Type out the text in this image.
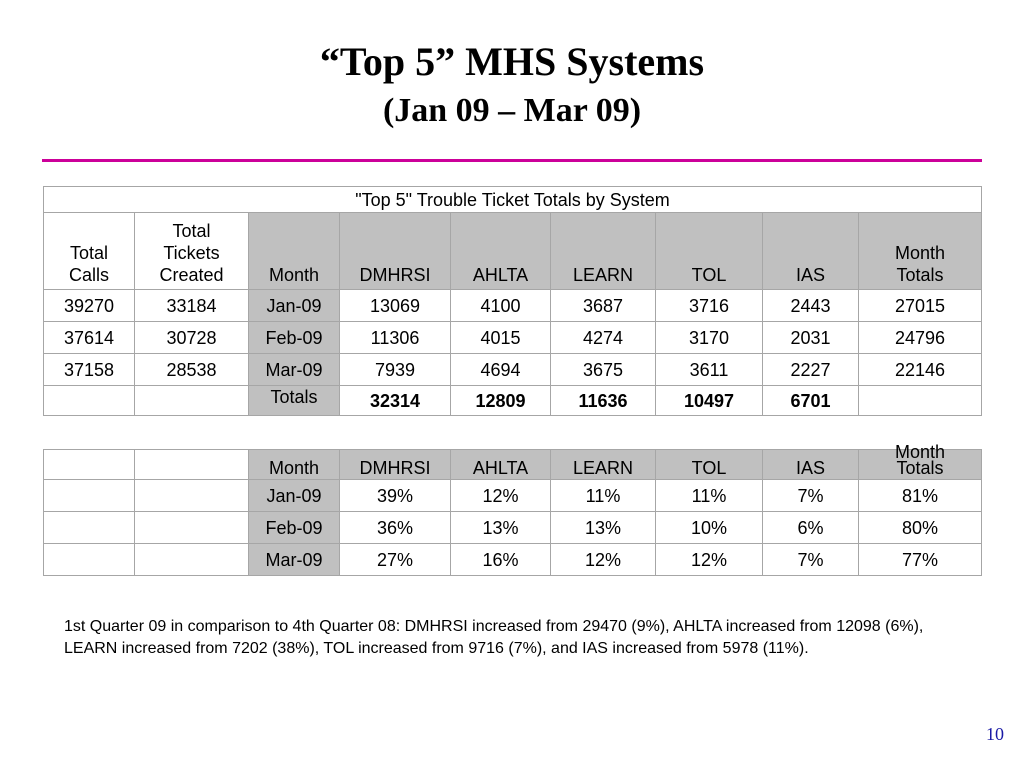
“Top 5” MHS Systems
(Jan 09 – Mar 09)
"Top 5" Trouble Ticket Totals by System								
Total
Calls	Total
Tickets
Created	Month	DMHRSI	AHLTA	LEARN	TOL	IAS	Month
Totals
39270	33184	Jan-09	13069	4100	3687	3716	2443	27015
37614	30728	Feb-09	11306	4015	4274	3170	2031	24796
37158	28538	Mar-09	7939	4694	3675	3611	2227	22146
		Totals	32314	12809	11636	10497	6701	
		Month	DMHRSI	AHLTA	LEARN	TOL	IAS	Month
Totals

		Jan-09	39%	12%	11%	11%	7%	81%
		Feb-09	36%	13%	13%	10%	6%	80%
		Mar-09	27%	16%	12%	12%	7%	77%
1st Quarter 09 in comparison to 4th Quarter 08: DMHRSI increased from 29470 (9%), AHLTA increased from 12098 (6%), LEARN increased from 7202 (38%), TOL increased from 9716 (7%), and IAS increased from 5978 (11%).
10
